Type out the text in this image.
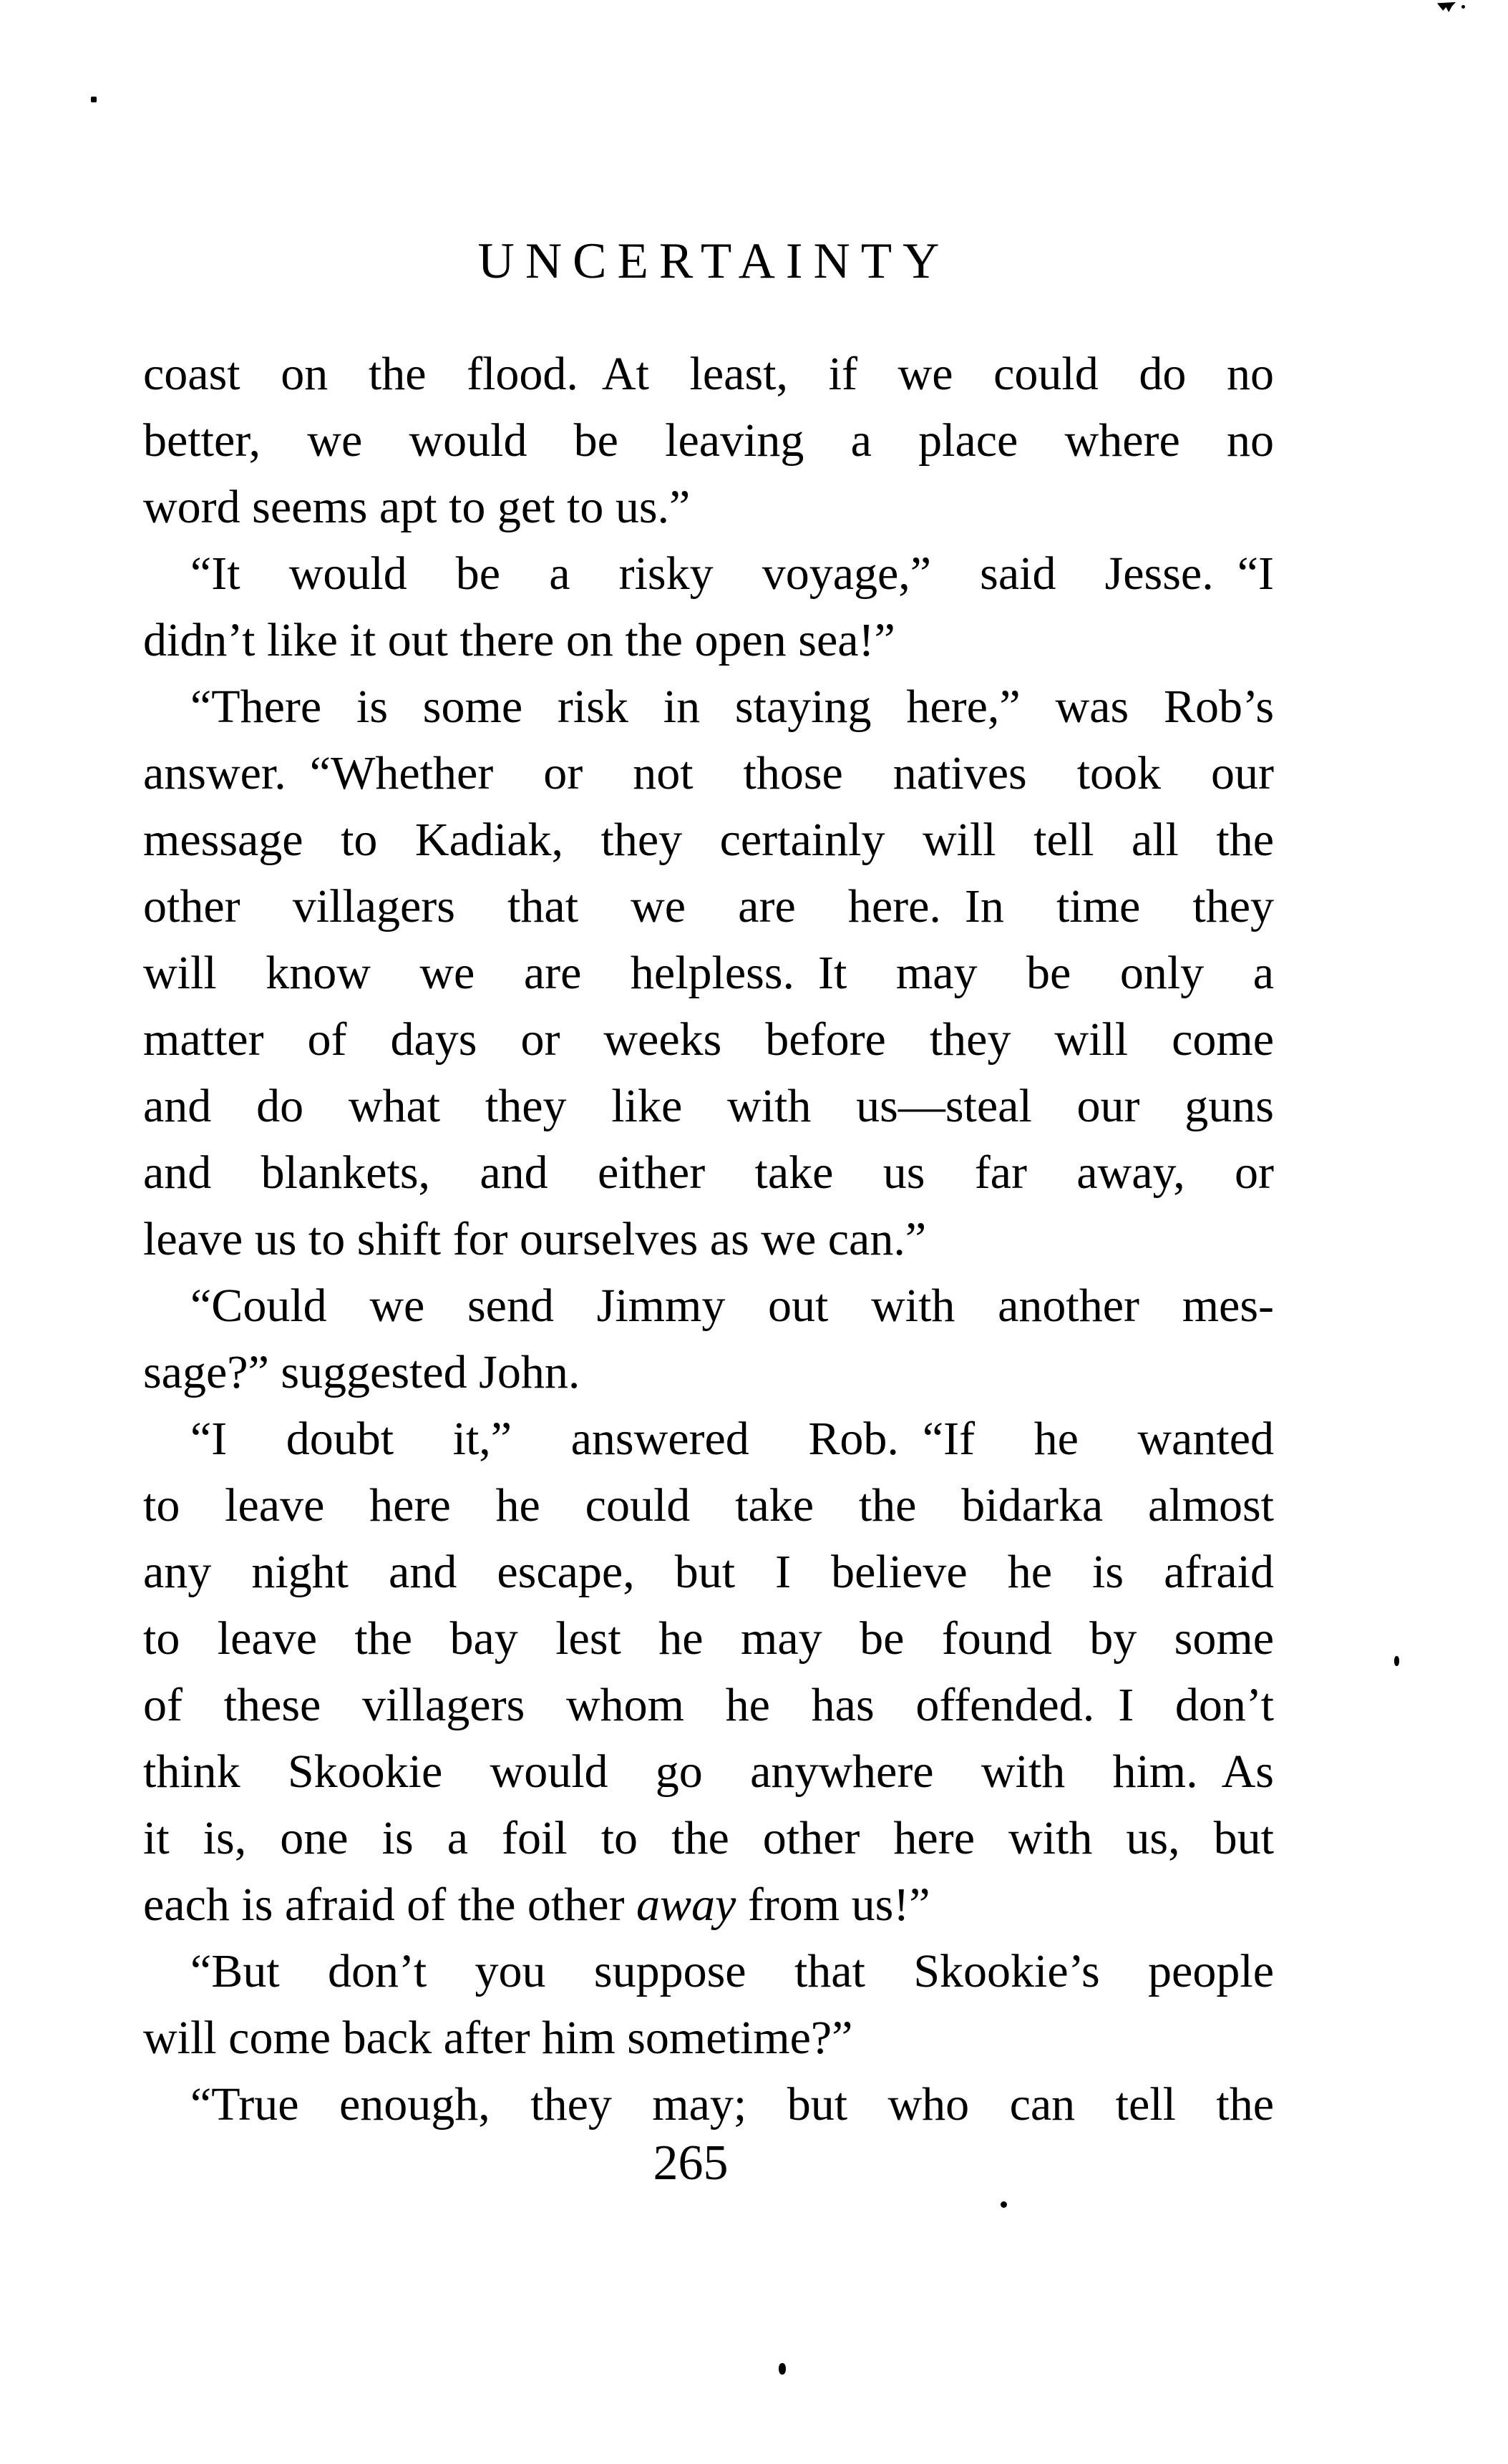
UNCERTAINTY
coast on the flood. At least, if we could do no
better, we would be leaving a place where no
word seems apt to get to us.”
“It would be a risky voyage,” said Jesse. “I
didn’t like it out there on the open sea!”
“There is some risk in staying here,” was Rob’s
answer. “Whether or not those natives took our
message to Kadiak, they certainly will tell all the
other villagers that we are here. In time they
will know we are helpless. It may be only a
matter of days or weeks before they will come
and do what they like with us—steal our guns
and blankets, and either take us far away, or
leave us to shift for ourselves as we can.”
“Could we send Jimmy out with another mes-
sage?” suggested John.
“I doubt it,” answered Rob. “If he wanted
to leave here he could take the bidarka almost
any night and escape, but I believe he is afraid
to leave the bay lest he may be found by some
of these villagers whom he has offended. I don’t
think Skookie would go anywhere with him. As
it is, one is a foil to the other here with us, but
each is afraid of the other away from us!”
“But don’t you suppose that Skookie’s people
will come back after him sometime?”
“True enough, they may; but who can tell the
265
